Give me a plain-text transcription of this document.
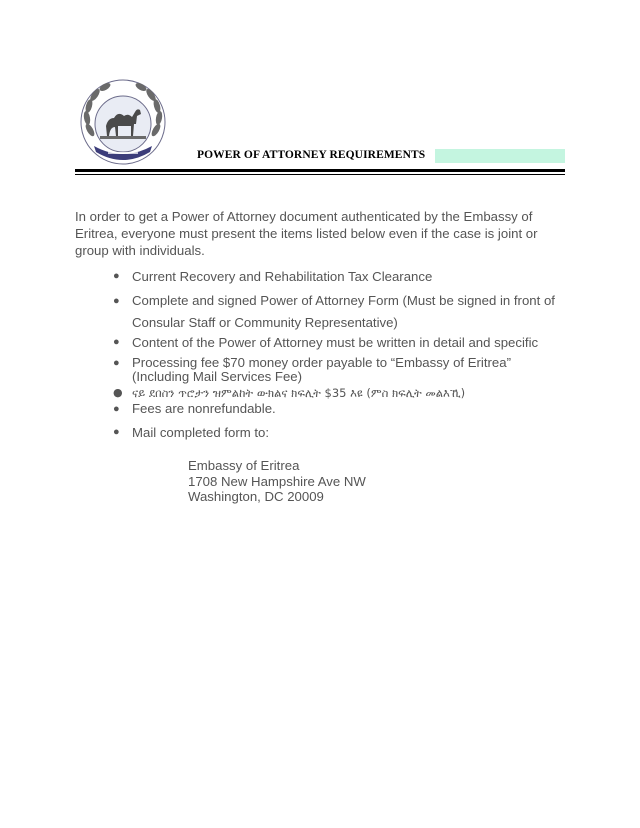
POWER OF ATTORNEY REQUIREMENTS

In order to get a Power of Attorney document authenticated by the Embassy of Eritrea, everyone must present the items listed below even if the case is joint or group with individuals.

● Current Recovery and Rehabilitation Tax Clearance
● Complete and signed Power of Attorney Form (Must be signed in front of Consular Staff or Community Representative)
● Content of the Power of Attorney must be written in detail and specific
● Processing fee $70 money order payable to “Embassy of Eritrea” (Including Mail Services Fee)
● ናይ ደበስን ጥሮታን ዝምልከት ውክልና ክፍሊት $35 እዩ (ምስ ክፍሊት መልእኺ)
● Fees are nonrefundable.
● Mail completed form to:
Embassy of Eritrea
1708 New Hampshire Ave NW
Washington, DC 20009
